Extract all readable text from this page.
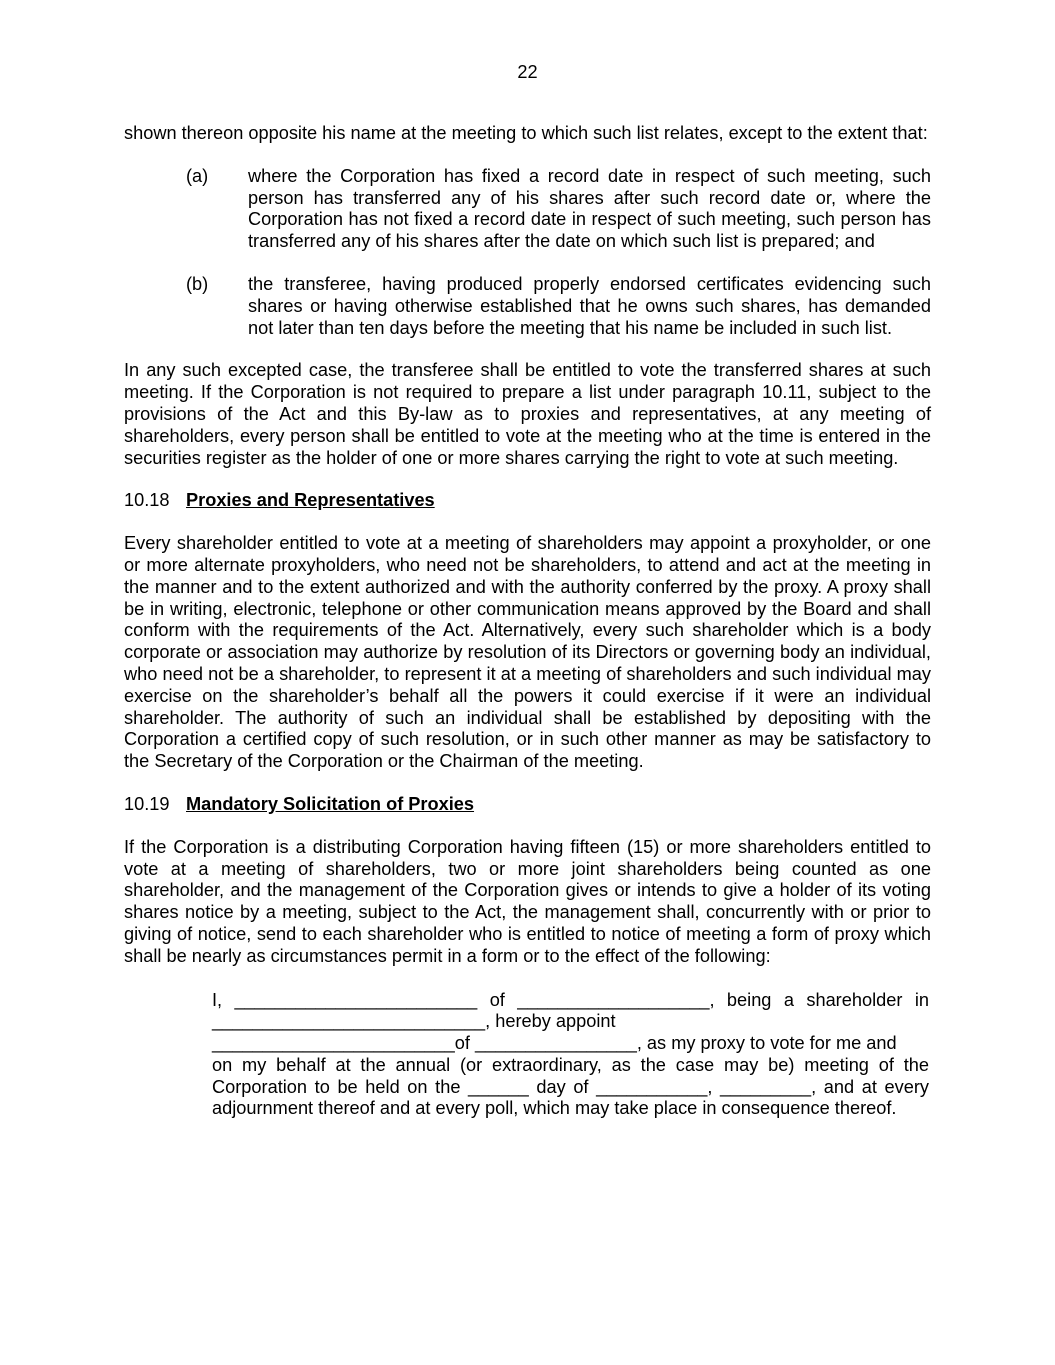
22

shown thereon opposite his name at the meeting to which such list relates, except to the extent that:

(a)	where the Corporation has fixed a record date in respect of such meeting, such person has transferred any of his shares after such record date or, where the Corporation has not fixed a record date in respect of such meeting, such person has transferred any of his shares after the date on which such list is prepared; and
(b)	the transferee, having produced properly endorsed certificates evidencing such shares or having otherwise established that he owns such shares, has demanded not later than ten days before the meeting that his name be included in such list.

In any such excepted case, the transferee shall be entitled to vote the transferred shares at such meeting. If the Corporation is not required to prepare a list under paragraph 10.11, subject to the provisions of the Act and this By-law as to proxies and representatives, at any meeting of shareholders, every person shall be entitled to vote at the meeting who at the time is entered in the securities register as the holder of one or more shares carrying the right to vote at such meeting.

10.18 Proxies and Representatives

Every shareholder entitled to vote at a meeting of shareholders may appoint a proxyholder, or one or more alternate proxyholders, who need not be shareholders, to attend and act at the meeting in the manner and to the extent authorized and with the authority conferred by the proxy. A proxy shall be in writing, electronic, telephone or other communication means approved by the Board and shall conform with the requirements of the Act. Alternatively, every such shareholder which is a body corporate or association may authorize by resolution of its Directors or governing body an individual, who need not be a shareholder, to represent it at a meeting of shareholders and such individual may exercise on the shareholder’s behalf all the powers it could exercise if it were an individual shareholder. The authority of such an individual shall be established by depositing with the Corporation a certified copy of such resolution, or in such other manner as may be satisfactory to the Secretary of the Corporation or the Chairman of the meeting.

10.19 Mandatory Solicitation of Proxies

If the Corporation is a distributing Corporation having fifteen (15) or more shareholders entitled to vote at a meeting of shareholders, two or more joint shareholders being counted as one shareholder, and the management of the Corporation gives or intends to give a holder of its voting shares notice by a meeting, subject to the Act, the management shall, concurrently with or prior to giving of notice, send to each shareholder who is entitled to notice of meeting a form of proxy which shall be nearly as circumstances permit in a form or to the effect of the following:

I, ________________________ of ___________________, being a shareholder in
___________________________, hereby appoint
________________________of ________________, as my proxy to vote for me and
on my behalf at the annual (or extraordinary, as the case may be) meeting of the
Corporation to be held on the ______ day of ___________, _________, and at every
adjournment thereof and at every poll, which may take place in consequence thereof.
